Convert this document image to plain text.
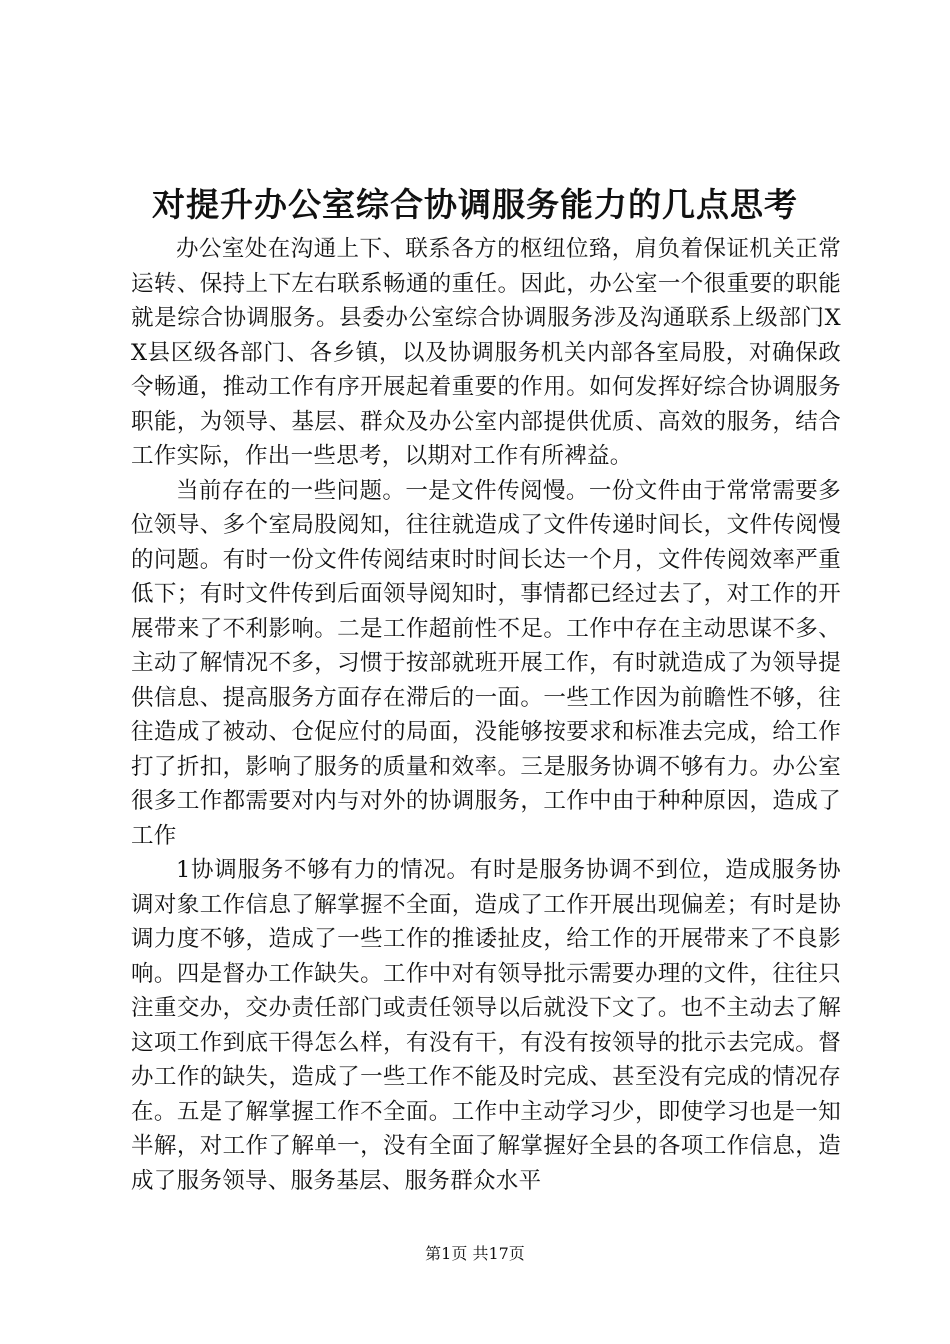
对提升办公室综合协调服务能力的几点思考

办公室处在沟通上下、联系各方的枢纽位臵，肩负着保证机关正常运转、保持上下左右联系畅通的重任。因此，办公室一个很重要的职能就是综合协调服务。县委办公室综合协调服务涉及沟通联系上级部门XX县区级各部门、各乡镇，以及协调服务机关内部各室局股，对确保政令畅通，推动工作有序开展起着重要的作用。如何发挥好综合协调服务职能，为领导、基层、群众及办公室内部提供优质、高效的服务，结合工作实际，作出一些思考，以期对工作有所裨益。

当前存在的一些问题。一是文件传阅慢。一份文件由于常常需要多位领导、多个室局股阅知，往往就造成了文件传递时间长，文件传阅慢的问题。有时一份文件传阅结束时时间长达一个月，文件传阅效率严重低下；有时文件传到后面领导阅知时，事情都已经过去了，对工作的开展带来了不利影响。二是工作超前性不足。工作中存在主动思谋不多、主动了解情况不多，习惯于按部就班开展工作，有时就造成了为领导提供信息、提高服务方面存在滞后的一面。一些工作因为前瞻性不够，往往造成了被动、仓促应付的局面，没能够按要求和标准去完成，给工作打了折扣，影响了服务的质量和效率。三是服务协调不够有力。办公室很多工作都需要对内与对外的协调服务，工作中由于种种原因，造成了工作

1协调服务不够有力的情况。有时是服务协调不到位，造成服务协调对象工作信息了解掌握不全面，造成了工作开展出现偏差；有时是协调力度不够，造成了一些工作的推诿扯皮，给工作的开展带来了不良影响。四是督办工作缺失。工作中对有领导批示需要办理的文件，往往只注重交办，交办责任部门或责任领导以后就没下文了。也不主动去了解这项工作到底干得怎么样，有没有干，有没有按领导的批示去完成。督办工作的缺失，造成了一些工作不能及时完成、甚至没有完成的情况存在。五是了解掌握工作不全面。工作中主动学习少，即使学习也是一知半解，对工作了解单一，没有全面了解掌握好全县的各项工作信息，造成了服务领导、服务基层、服务群众水平

第1页 共17页
